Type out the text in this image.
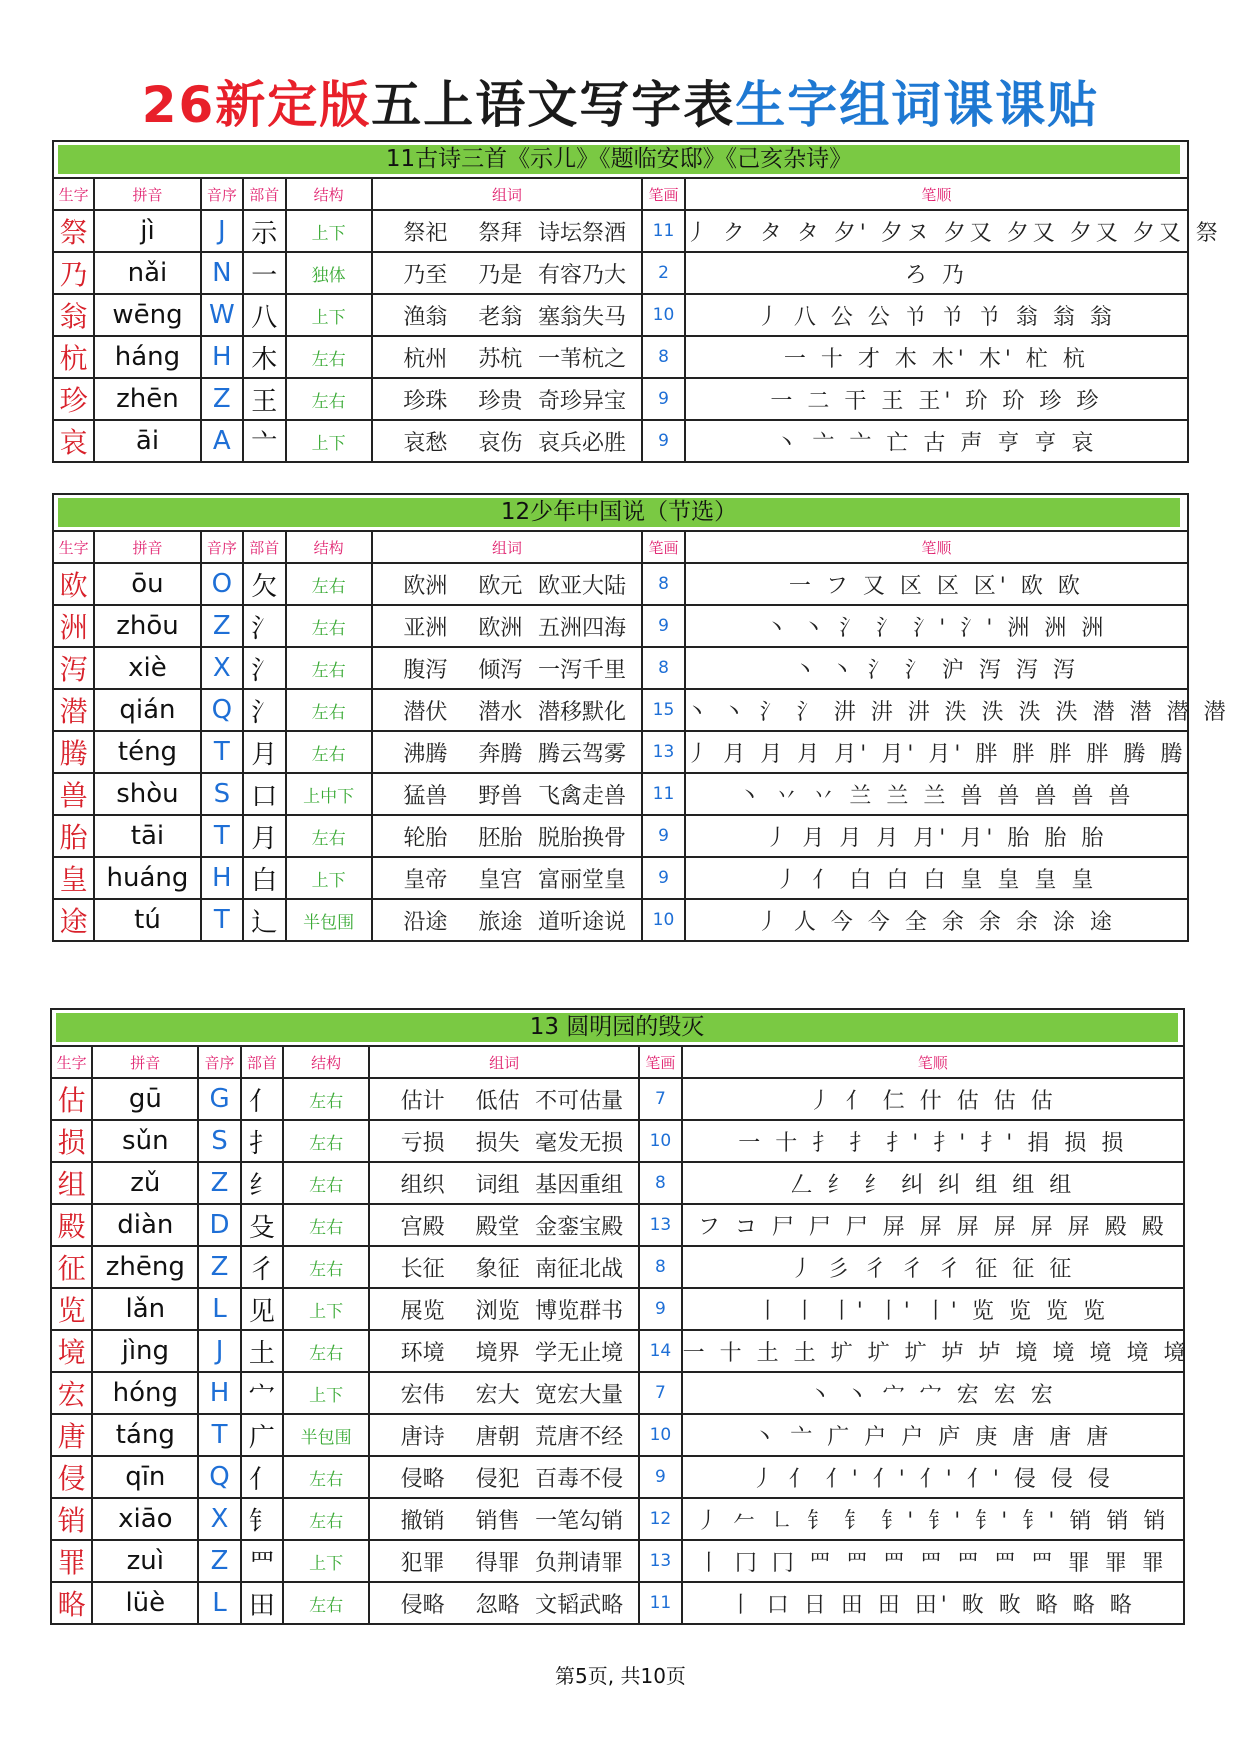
26新定版五上语文写字表生字组词课课贴
11古诗三首《示儿》《题临安邸》《己亥杂诗》							

生字	拼音	音序	部首	结构	组词	笔画	笔顺
祭	jì	J	示	上下	祭祀 祭拜 诗坛祭酒	11	丿 ク タ タ 夕' 夕ヌ 夕又 夕又 夕又 夕又 祭
乃	nǎi	N	一	独体	乃至 乃是 有容乃大	2	ろ 乃
翁	wēng	W	八	上下	渔翁 老翁 塞翁失马	10	丿 八 公 公 兯 兯 兯 翁 翁 翁
杭	háng	H	木	左右	杭州 苏杭 一苇杭之	8	一 十 才 木 木' 木' 杧 杭
珍	zhēn	Z	王	左右	珍珠 珍贵 奇珍异宝	9	一 二 干 王 王' 玠 玠 珍 珍
哀	āi	A	亠	上下	哀愁 哀伤 哀兵必胜	9	丶 亠 亠 亡 古 声 亨 亨 哀
12少年中国说（节选）							

生字	拼音	音序	部首	结构	组词	笔画	笔顺
欧	ōu	O	欠	左右	欧洲 欧元 欧亚大陆	8	一 フ 又 区 区 区' 欧 欧
洲	zhōu	Z	氵	左右	亚洲 欧洲 五洲四海	9	丶 丶 氵 氵 氵' 氵' 洲 洲 洲
泻	xiè	X	氵	左右	腹泻 倾泻 一泻千里	8	丶 丶 氵 氵 沪 泻 泻 泻
潜	qián	Q	氵	左右	潜伏 潜水 潜移默化	15	丶 丶 氵 氵 汫 汫 汫 泆 泆 泆 泆 潜 潜 潜 潜
腾	téng	T	月	左右	沸腾 奔腾 腾云驾雾	13	丿 月 月 月 月' 月' 月' 胖 胖 胖 胖 腾 腾
兽	shòu	S	口	上中下	猛兽 野兽 飞禽走兽	11	丶 丷 丷 兰 兰 兰 兽 兽 兽 兽 兽
胎	tāi	T	月	左右	轮胎 胚胎 脱胎换骨	9	丿 月 月 月 月' 月' 胎 胎 胎
皇	huáng	H	白	上下	皇帝 皇宫 富丽堂皇	9	丿 亻 白 白 白 皇 皇 皇 皇
途	tú	T	辶	半包围	沿途 旅途 道听途说	10	丿 人 今 今 全 余 余 余 涂 途
13 圆明园的毁灭							

生字	拼音	音序	部首	结构	组词	笔画	笔顺
估	gū	G	亻	左右	估计 低估 不可估量	7	丿 亻 仁 什 估 估 估
损	sǔn	S	扌	左右	亏损 损失 毫发无损	10	一 十 扌 扌 扌' 扌' 扌' 捐 损 损
组	zǔ	Z	纟	左右	组织 词组 基因重组	8	𠃋 纟 纟 纠 纠 组 组 组
殿	diàn	D	殳	左右	宫殿 殿堂 金銮宝殿	13	フ コ 尸 尸 尸 屏 屏 屏 屏 屏 屏 殿 殿
征	zhēng	Z	彳	左右	长征 象征 南征北战	8	丿 彡 彳 彳 彳 征 征 征
览	lǎn	L	见	上下	展览 浏览 博览群书	9	丨 丨 丨' 丨' 丨' 览 览 览 览
境	jìng	J	土	左右	环境 境界 学无止境	14	一 十 土 土 圹 圹 圹 垆 垆 境 境 境 境 境
宏	hóng	H	宀	上下	宏伟 宏大 宽宏大量	7	丶 丶 宀 宀 宏 宏 宏
唐	táng	T	广	半包围	唐诗 唐朝 荒唐不经	10	丶 亠 广 户 户 庐 庚 唐 唐 唐
侵	qīn	Q	亻	左右	侵略 侵犯 百毒不侵	9	丿 亻 亻' 亻' 亻' 亻' 侵 侵 侵
销	xiāo	X	钅	左右	撤销 销售 一笔勾销	12	丿 𠂉 ㇗ 钅 钅 钅' 钅' 钅' 钅' 销 销 销
罪	zuì	Z	罒	上下	犯罪 得罪 负荆请罪	13	丨 冂 冂 罒 罒 罒 罒 罒 罒 罒 罪 罪 罪
略	lüè	L	田	左右	侵略 忽略 文韬武略	11	丨 口 日 田 田 田' 畋 畋 略 略 略
第5页, 共10页
